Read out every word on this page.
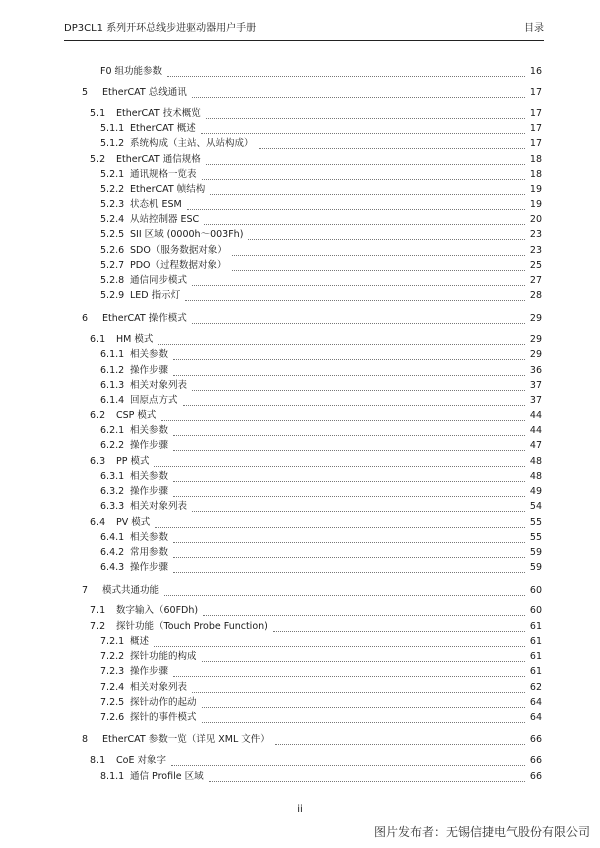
DP3CL1 系列开环总线步进驱动器用户手册	目录
F0 组功能参数	16
5 EtherCAT 总线通讯	17
5.1 EtherCAT 技术概览	17
5.1.1 EtherCAT 概述	17
5.1.2 系统构成（主站、从站构成）	17
5.2 EtherCAT 通信规格	18
5.2.1 通讯规格一览表	18
5.2.2 EtherCAT 帧结构	19
5.2.3 状态机 ESM	19
5.2.4 从站控制器 ESC	20
5.2.5 SII 区域 (0000h～003Fh)	23
5.2.6 SDO（服务数据对象）	23
5.2.7 PDO（过程数据对象）	25
5.2.8 通信同步模式	27
5.2.9 LED 指示灯	28
6 EtherCAT 操作模式	29
6.1 HM 模式	29
6.1.1 相关参数	29
6.1.2 操作步骤	36
6.1.3 相关对象列表	37
6.1.4 回原点方式	37
6.2 CSP 模式	44
6.2.1 相关参数	44
6.2.2 操作步骤	47
6.3 PP 模式	48
6.3.1 相关参数	48
6.3.2 操作步骤	49
6.3.3 相关对象列表	54
6.4 PV 模式	55
6.4.1 相关参数	55
6.4.2 常用参数	59
6.4.3 操作步骤	59
7 模式共通功能	60
7.1 数字输入（60FDh)	60
7.2 探针功能（Touch Probe Function)	61
7.2.1 概述	61
7.2.2 探针功能的构成	61
7.2.3 操作步骤	61
7.2.4 相关对象列表	62
7.2.5 探针动作的起动	64
7.2.6 探针的事件模式	64
8 EtherCAT 参数一览（详见 XML 文件）	66
8.1 CoE 对象字	66
8.1.1 通信 Profile 区域	66
ii
图片发布者：无锡信捷电气股份有限公司
